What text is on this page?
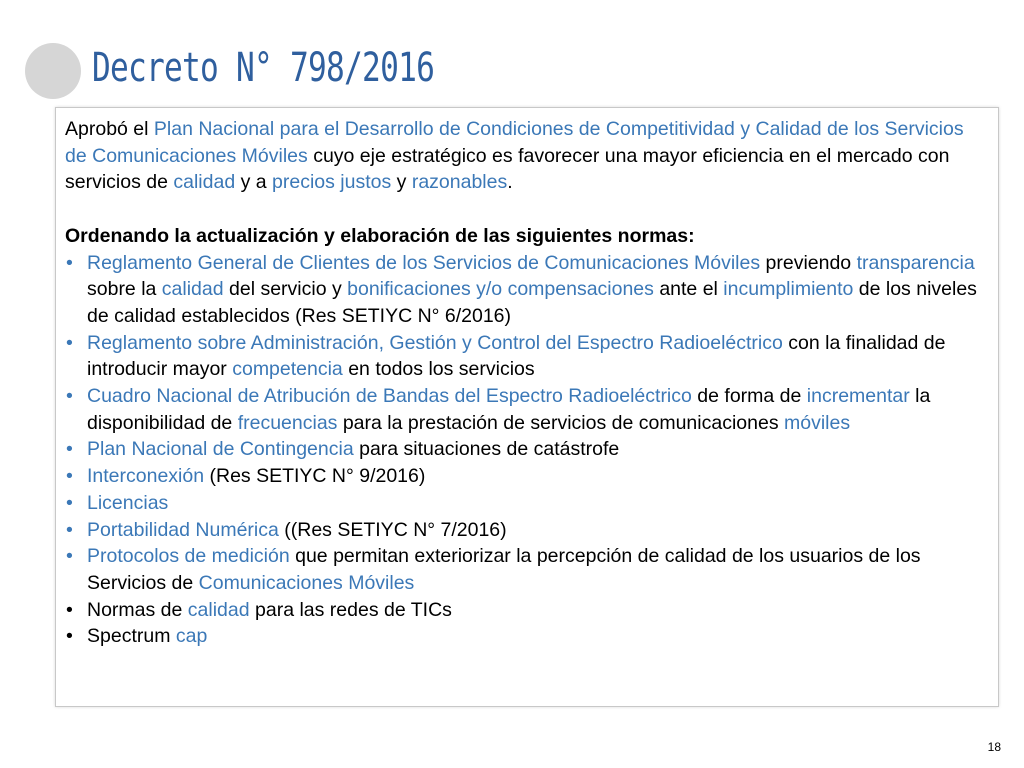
Decreto N° 798/2016

Aprobó el Plan Nacional para el Desarrollo de Condiciones de Competitividad y Calidad de los Servicios de Comunicaciones Móviles cuyo eje estratégico es favorecer una mayor eficiencia en el mercado con servicios de calidad y a precios justos y razonables.

Ordenando la actualización y elaboración de las siguientes normas:

• Reglamento General de Clientes de los Servicios de Comunicaciones Móviles previendo transparencia sobre la calidad del servicio y bonificaciones y/o compensaciones ante el incumplimiento de los niveles de calidad establecidos (Res SETIYC N° 6/2016)
• Reglamento sobre Administración, Gestión y Control del Espectro Radioeléctrico con la finalidad de introducir mayor competencia en todos los servicios
• Cuadro Nacional de Atribución de Bandas del Espectro Radioeléctrico de forma de incrementar la disponibilidad de frecuencias para la prestación de servicios de comunicaciones móviles
• Plan Nacional de Contingencia para situaciones de catástrofe
• Interconexión (Res SETIYC N° 9/2016)
• Licencias
• Portabilidad Numérica ((Res SETIYC N° 7/2016)
• Protocolos de medición que permitan exteriorizar la percepción de calidad de los usuarios de los Servicios de Comunicaciones Móviles
• Normas de calidad para las redes de TICs
• Spectrum cap
18
